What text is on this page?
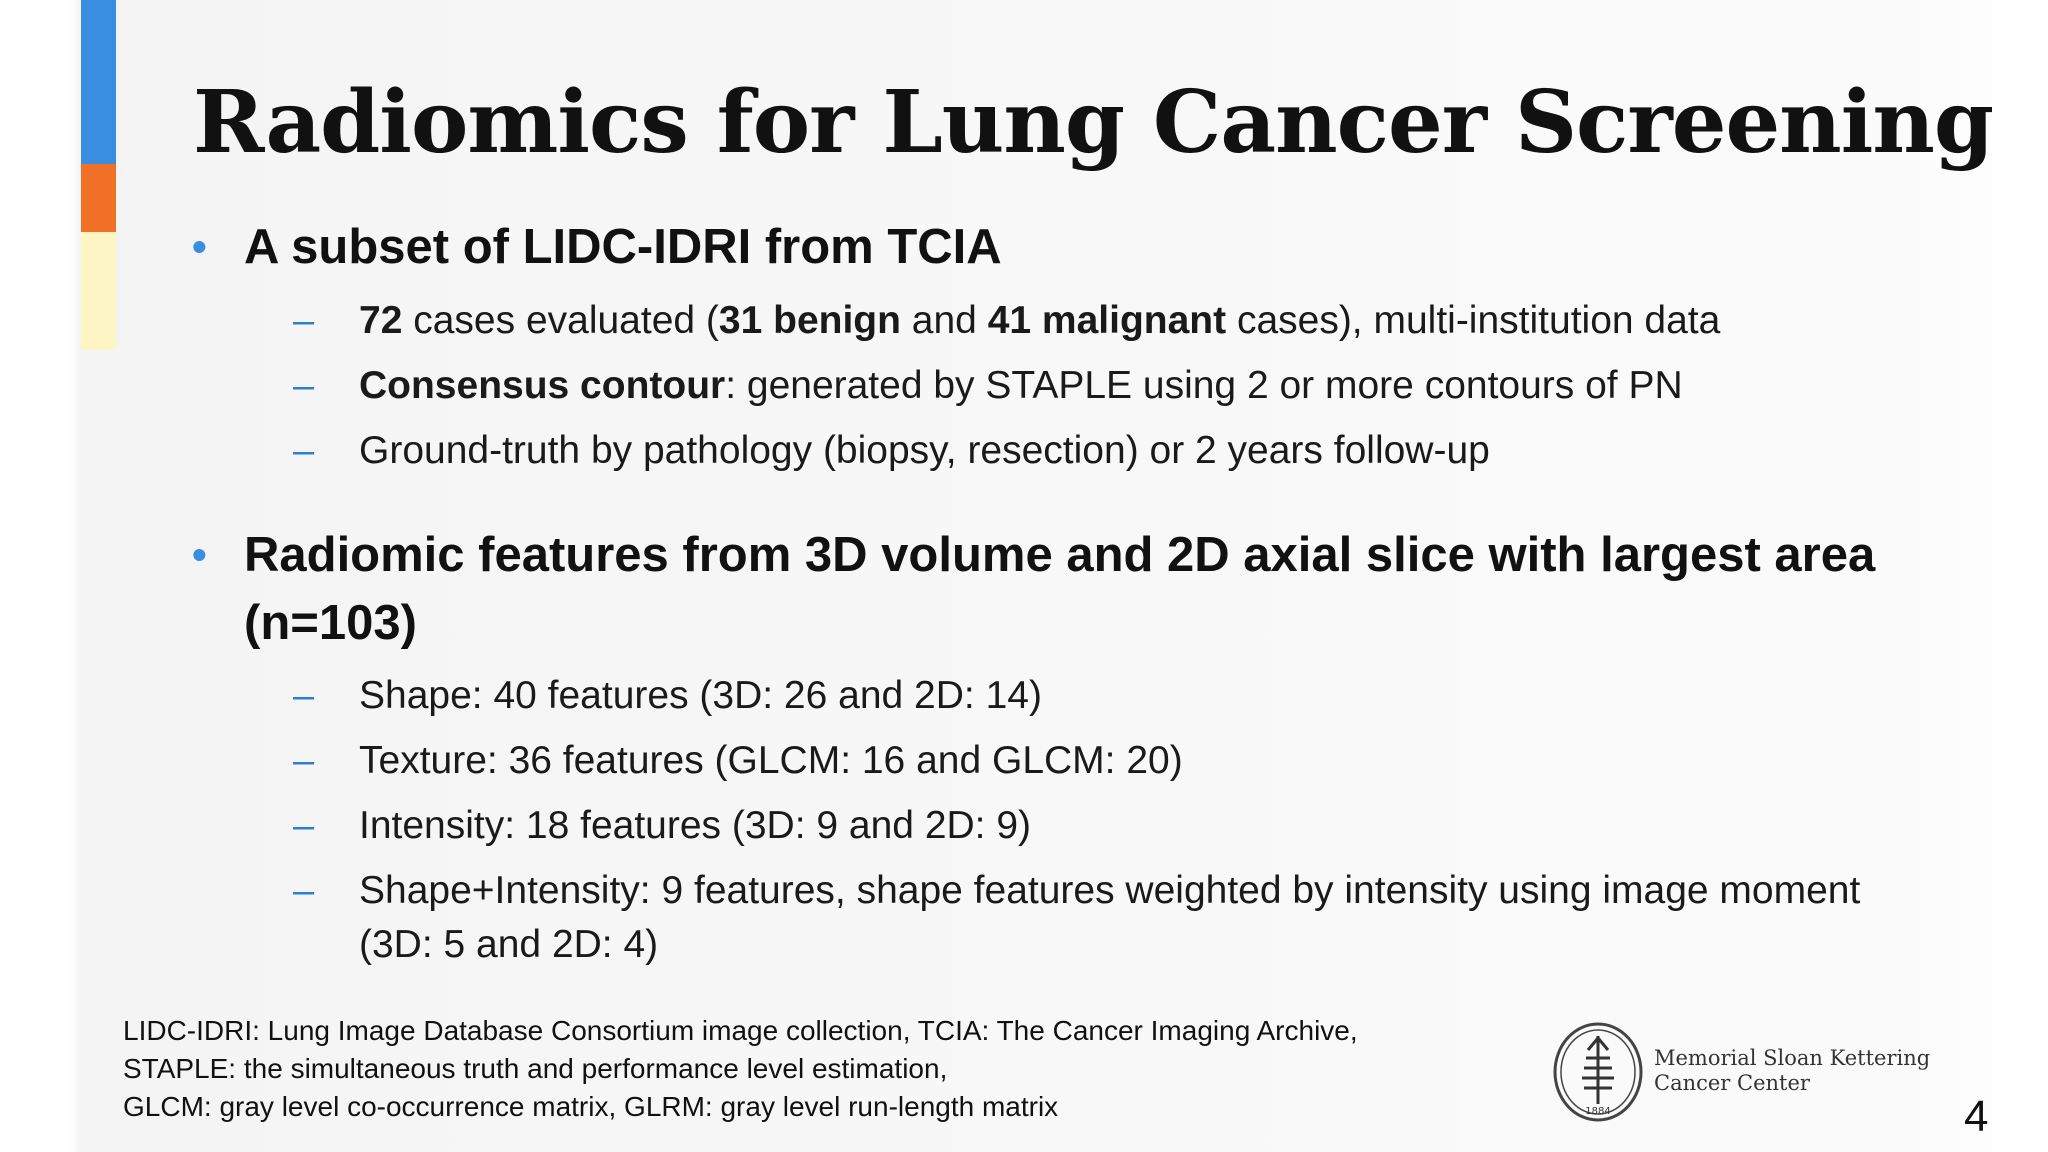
Radiomics for Lung Cancer Screening
• A subset of LIDC-IDRI from TCIA
– 72 cases evaluated (31 benign and 41 malignant cases), multi-institution data
– Consensus contour: generated by STAPLE using 2 or more contours of PN
– Ground-truth by pathology (biopsy, resection) or 2 years follow-up
• Radiomic features from 3D volume and 2D axial slice with largest area (n=103)
– Shape: 40 features (3D: 26 and 2D: 14)
– Texture: 36 features (GLCM: 16 and GLCM: 20)
– Intensity: 18 features (3D: 9 and 2D: 9)
– Shape+Intensity: 9 features, shape features weighted by intensity using image moment (3D: 5 and 2D: 4)
LIDC-IDRI: Lung Image Database Consortium image collection, TCIA: The Cancer Imaging Archive,
STAPLE: the simultaneous truth and performance level estimation,
GLCM: gray level co-occurrence matrix, GLRM: gray level run-length matrix	1884
Memorial Sloan Kettering
Cancer Center
4
